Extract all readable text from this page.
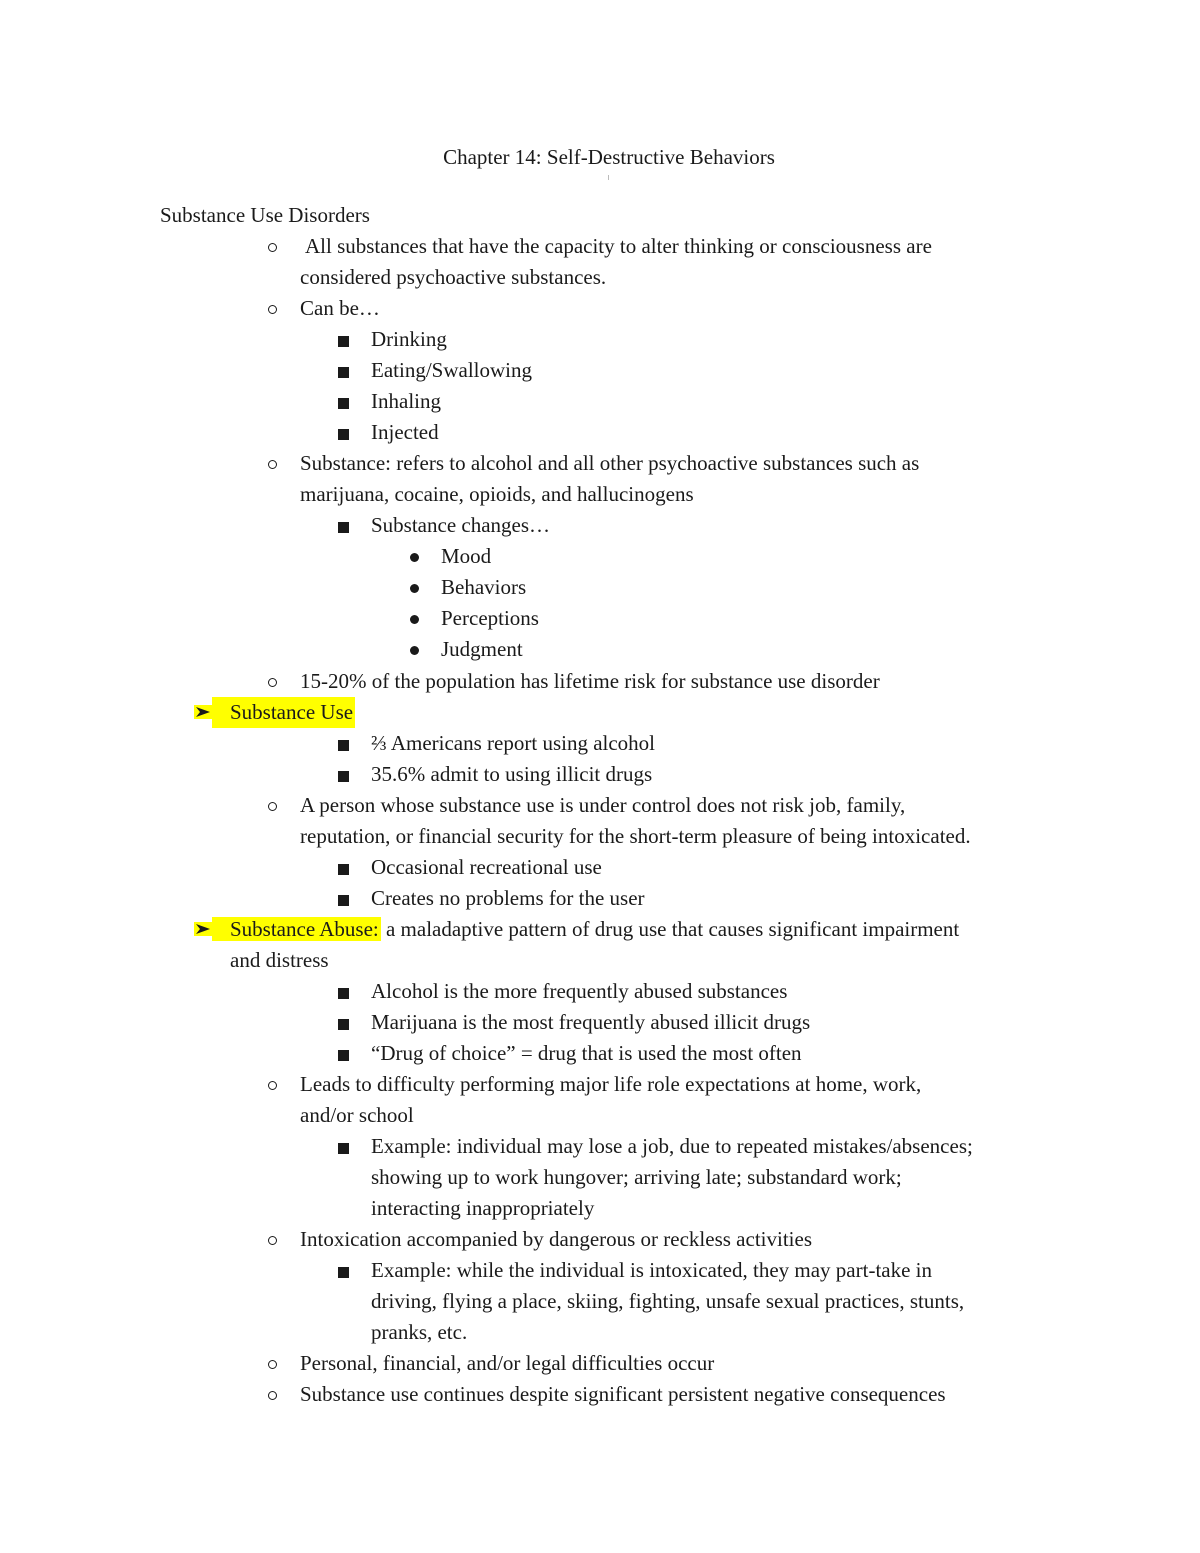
Chapter 14: Self-Destructive Behaviors
Substance Use Disorders
All substances that have the capacity to alter thinking or consciousness are
considered psychoactive substances.
Can be…
Drinking
Eating/Swallowing
Inhaling
Injected
Substance: refers to alcohol and all other psychoactive substances such as
marijuana, cocaine, opioids, and hallucinogens
Substance changes…
Mood
Behaviors
Perceptions
Judgment
15-20% of the population has lifetime risk for substance use disorder
Substance Use
⅔ Americans report using alcohol
35.6% admit to using illicit drugs
A person whose substance use is under control does not risk job, family,
reputation, or financial security for the short-term pleasure of being intoxicated.
Occasional recreational use
Creates no problems for the user
Substance Abuse: a maladaptive pattern of drug use that causes significant impairment
and distress
Alcohol is the more frequently abused substances
Marijuana is the most frequently abused illicit drugs
“Drug of choice” = drug that is used the most often
Leads to difficulty performing major life role expectations at home, work,
and/or school
Example: individual may lose a job, due to repeated mistakes/absences;
showing up to work hungover; arriving late; substandard work;
interacting inappropriately
Intoxication accompanied by dangerous or reckless activities
Example: while the individual is intoxicated, they may part-take in
driving, flying a place, skiing, fighting, unsafe sexual practices, stunts,
pranks, etc.
Personal, financial, and/or legal difficulties occur
Substance use continues despite significant persistent negative consequences
